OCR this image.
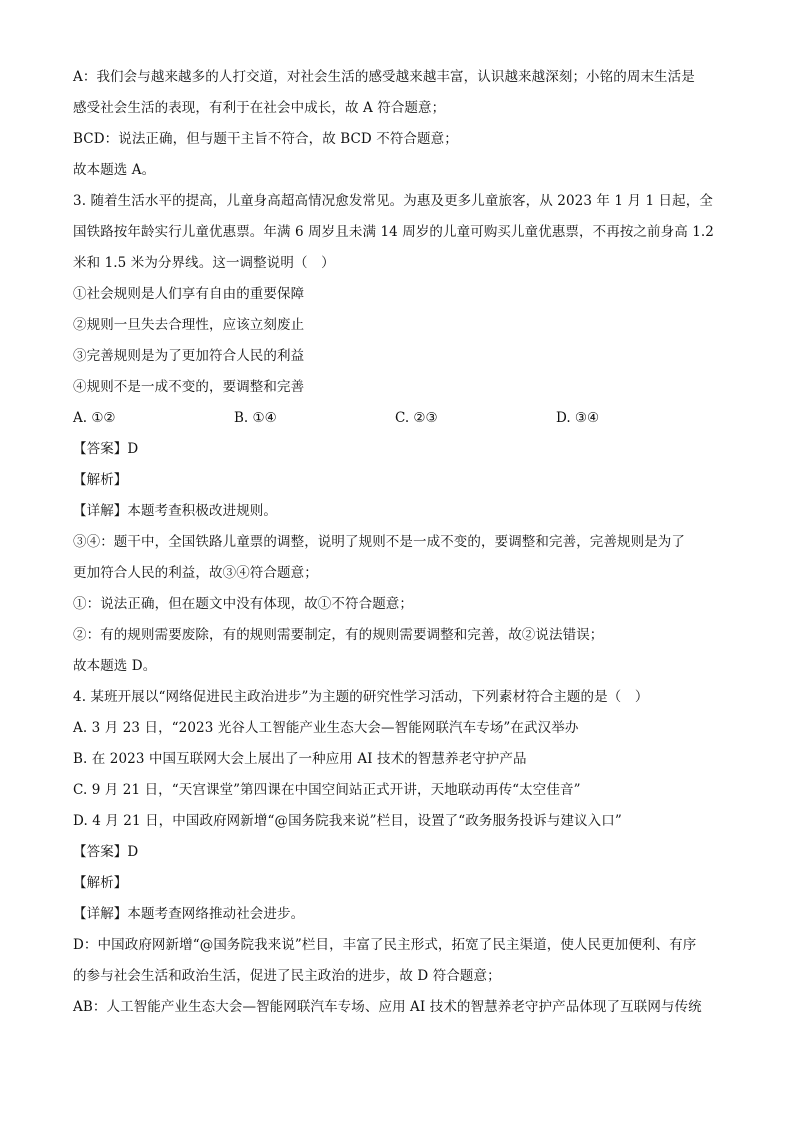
A：我们会与越来越多的人打交道，对社会生活的感受越来越丰富，认识越来越深刻；小铭的周末生活是
感受社会生活的表现，有利于在社会中成长，故 A 符合题意；
BCD：说法正确，但与题干主旨不符合，故 BCD 不符合题意；
故本题选 A。
3. 随着生活水平的提高，儿童身高超高情况愈发常见。为惠及更多儿童旅客，从 2023 年 1 月 1 日起，全
国铁路按年龄实行儿童优惠票。年满 6 周岁且未满 14 周岁的儿童可购买儿童优惠票，不再按之前身高 1.2
米和 1.5 米为分界线。这一调整说明（　）
①社会规则是人们享有自由的重要保障
②规则一旦失去合理性，应该立刻废止
③完善规则是为了更加符合人民的利益
④规则不是一成不变的，要调整和完善
A. ①②	B. ①④	C. ②③	D. ③④
【答案】D
【解析】
【详解】本题考查积极改进规则。
③④：题干中，全国铁路儿童票的调整，说明了规则不是一成不变的，要调整和完善，完善规则是为了
更加符合人民的利益，故③④符合题意；
①：说法正确，但在题文中没有体现，故①不符合题意；
②：有的规则需要废除，有的规则需要制定，有的规则需要调整和完善，故②说法错误；
故本题选 D。
4. 某班开展以“网络促进民主政治进步”为主题的研究性学习活动，下列素材符合主题的是（　）
A. 3 月 23 日，“2023 光谷人工智能产业生态大会—智能网联汽车专场”在武汉举办
B. 在 2023 中国互联网大会上展出了一种应用 AI 技术的智慧养老守护产品
C. 9 月 21 日，“天宫课堂”第四课在中国空间站正式开讲，天地联动再传“太空佳音”
D. 4 月 21 日，中国政府网新增“@国务院我来说”栏目，设置了“政务服务投诉与建议入口”
【答案】D
【解析】
【详解】本题考查网络推动社会进步。
D：中国政府网新增“@国务院我来说”栏目，丰富了民主形式，拓宽了民主渠道，使人民更加便利、有序
的参与社会生活和政治生活，促进了民主政治的进步，故 D 符合题意；
AB：人工智能产业生态大会—智能网联汽车专场、应用 AI 技术的智慧养老守护产品体现了互联网与传统
